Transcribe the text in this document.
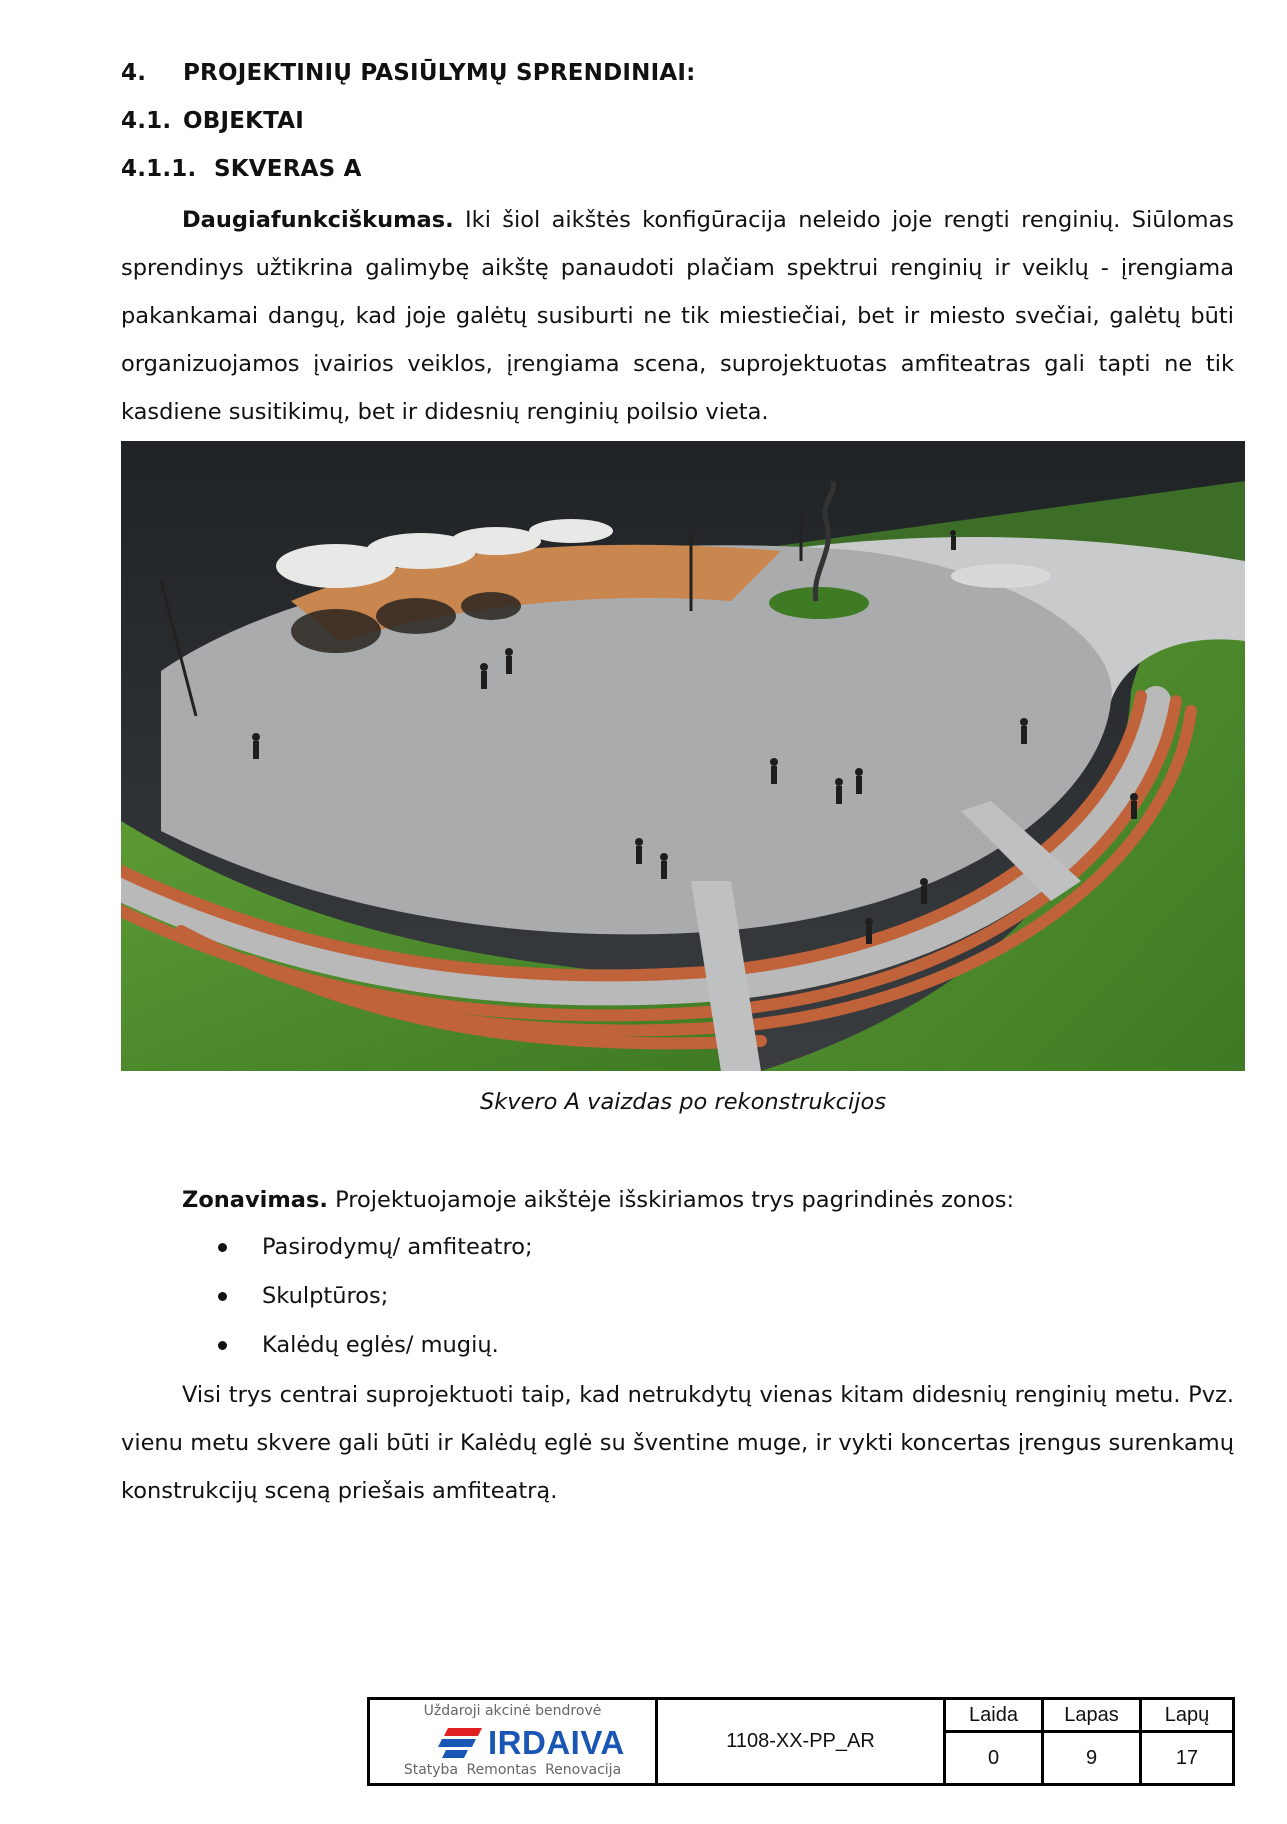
4. PROJEKTINIŲ PASIŪLYMŲ SPRENDINIAI:
4.1. OBJEKTAI
4.1.1. SKVERAS A

Daugiafunkciškumas. Iki šiol aikštės konfigūracija neleido joje rengti renginių. Siūlomas sprendinys užtikrina galimybę aikštę panaudoti plačiam spektrui renginių ir veiklų - įrengiama pakankamai dangų, kad joje galėtų susiburti ne tik miestiečiai, bet ir miesto svečiai, galėtų būti organizuojamos įvairios veiklos, įrengiama scena, suprojektuotas amfiteatras gali tapti ne tik kasdiene susitikimų, bet ir didesnių renginių poilsio vieta.

Skvero A vaizdas po rekonstrukcijos

Zonavimas. Projektuojamoje aikštėje išskiriamos trys pagrindinės zonos:

Pasirodymų/ amfiteatro;
Skulptūros;
Kalėdų eglės/ mugių.

Visi trys centrai suprojektuoti taip, kad netrukdytų vienas kitam didesnių renginių metu. Pvz. vienu metu skvere gali būti ir Kalėdų eglė su šventine muge, ir vykti koncertas įrengus surenkamų konstrukcijų sceną priešais amfiteatrą.

Uždaroji akcinė bendrovė
IRDAIVA
Statyba Remontas Renovacija
1108-XX-PP_AR
Laida	Lapas	Lapų
0	9	17
